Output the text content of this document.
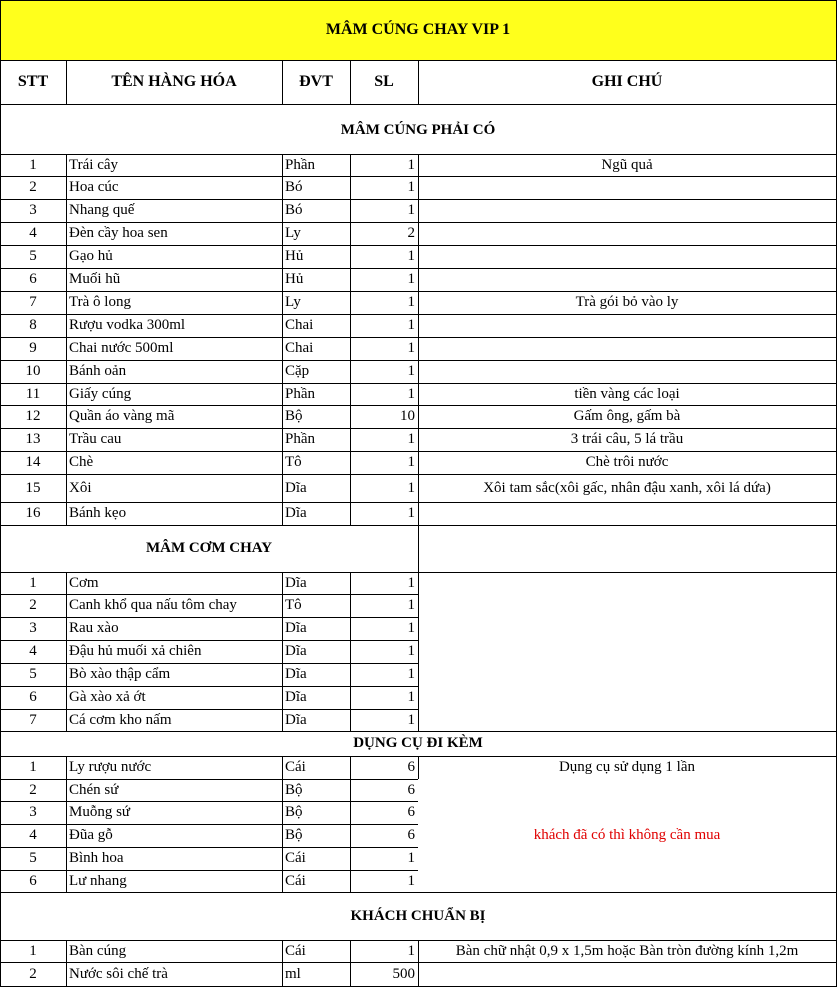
MÂM CÚNG CHAY VIP 1
STT	TÊN HÀNG HÓA	ĐVT	SL	GHI CHÚ
MÂM CÚNG PHẢI CÓ
1	Trái cây	Phần	1	Ngũ quả
2	Hoa cúc	Bó	1
3	Nhang quế	Bó	1
4	Đèn cầy hoa sen	Ly	2
5	Gạo hủ	Hủ	1
6	Muối hũ	Hủ	1
7	Trà ô long	Ly	1	Trà gói bỏ vào ly
8	Rượu vodka 300ml	Chai	1
9	Chai nước 500ml	Chai	1
10	Bánh oản	Cặp	1
11	Giấy cúng	Phần	1	tiền vàng các loại
12	Quần áo vàng mã	Bộ	10	Gấm ông, gấm bà
13	Trầu cau	Phần	1	3 trái câu, 5 lá trầu
14	Chè	Tô	1	Chè trôi nước
15	Xôi	Dĩa	1	Xôi tam sắc(xôi gấc, nhân đậu xanh, xôi lá dứa)
16	Bánh kẹo	Dĩa	1
MÂM CƠM CHAY
1	Cơm	Dĩa	1
2	Canh khổ qua nấu tôm chay	Tô	1
3	Rau xào	Dĩa	1
4	Đậu hủ muối xả chiên	Dĩa	1
5	Bò xào thập cẩm	Dĩa	1
6	Gà xào xả ớt	Dĩa	1
7	Cá cơm kho nấm	Dĩa	1
DỤNG CỤ ĐI KÈM
1	Ly rượu nước	Cái	6	Dụng cụ sử dụng 1 lần
2	Chén sứ	Bộ	6
3	Muỗng sứ	Bộ	6
4	Đũa gỗ	Bộ	6
5	Bình hoa	Cái	1
6	Lư nhang	Cái	1
khách đã có thì không cần mua
KHÁCH CHUẨN BỊ
1	Bàn cúng	Cái	1	Bàn chữ nhật 0,9 x 1,5m hoặc Bàn tròn đường kính 1,2m
2	Nước sôi chế trà	ml	500
